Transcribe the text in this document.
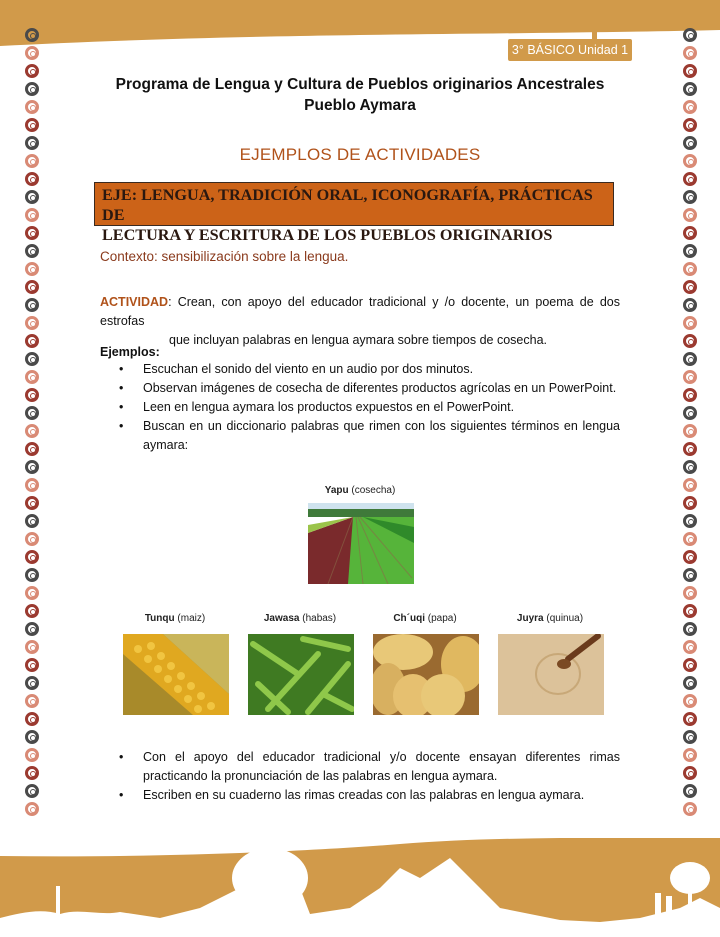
3° BÁSICO Unidad 1
Programa de Lengua y Cultura de Pueblos originarios Ancestrales
Pueblo Aymara
EJEMPLOS DE ACTIVIDADES
EJE: LENGUA, TRADICIÓN ORAL, ICONOGRAFÍA, PRÁCTICAS DE
LECTURA Y ESCRITURA DE LOS PUEBLOS ORIGINARIOS
Contexto: sensibilización sobre la lengua.
ACTIVIDAD: Crean, con apoyo del educador tradicional y /o docente, un poema de dos estrofas
que incluyan palabras en lengua aymara sobre tiempos de cosecha.
Ejemplos:
• Escuchan el sonido del viento en un audio por dos minutos.
• Observan imágenes de cosecha de diferentes productos agrícolas en un PowerPoint.
• Leen en lengua aymara los productos expuestos en el PowerPoint.
• Buscan en un diccionario palabras que rimen con los siguientes términos en lengua aymara:
Yapu (cosecha)
Tunqu (maiz)	Jawasa (habas)	Ch´uqi (papa)	Juyra (quinua)
• Con el apoyo del educador tradicional y/o docente ensayan diferentes rimas practicando la pronunciación de las palabras en lengua aymara.
• Escriben en su cuaderno las rimas creadas con las palabras en lengua aymara.
